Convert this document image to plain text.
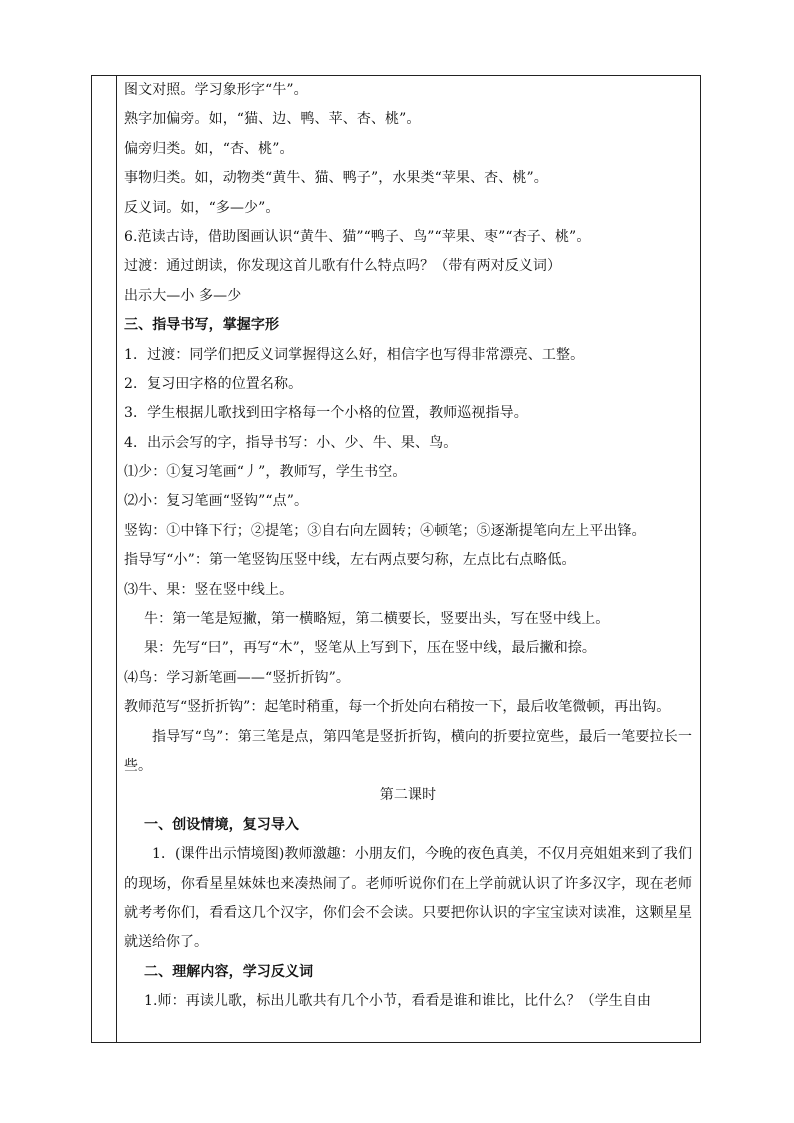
图文对照。学习象形字“牛”。
熟字加偏旁。如，“猫、边、鸭、苹、杏、桃”。
偏旁归类。如，“杏、桃”。
事物归类。如，动物类“黄牛、猫、鸭子”，水果类“苹果、杏、桃”。
反义词。如，“多—少”。
6.范读古诗，借助图画认识“黄牛、猫”“鸭子、鸟”“苹果、枣”“杏子、桃”。
过渡：通过朗读，你发现这首儿歌有什么特点吗？（带有两对反义词）
出示大—小 多—少
三、指导书写，掌握字形
1．过渡：同学们把反义词掌握得这么好，相信字也写得非常漂亮、工整。
2．复习田字格的位置名称。
3．学生根据儿歌找到田字格每一个小格的位置，教师巡视指导。
4．出示会写的字，指导书写：小、少、牛、果、鸟。
⑴少：①复习笔画“丿”，教师写，学生书空。
⑵小：复习笔画“竖钩”“点”。
竖钩：①中锋下行；②提笔；③自右向左圆转；④顿笔；⑤逐渐提笔向左上平出锋。
指导写“小”：第一笔竖钩压竖中线，左右两点要匀称，左点比右点略低。
⑶牛、果：竖在竖中线上。
牛：第一笔是短撇，第一横略短，第二横要长，竖要出头，写在竖中线上。
果：先写“曰”，再写“木”，竖笔从上写到下，压在竖中线，最后撇和捺。
⑷鸟：学习新笔画——“竖折折钩”。
教师范写“竖折折钩”：起笔时稍重，每一个折处向右稍按一下，最后收笔微顿，再出钩。
指导写“鸟”：第三笔是点，第四笔是竖折折钩，横向的折要拉宽些，最后一笔要拉长一些。
第二课时
一、创设情境，复习导入
1．(课件出示情境图)教师激趣：小朋友们，今晚的夜色真美，不仅月亮姐姐来到了我们的现场，你看星星妹妹也来凑热闹了。老师听说你们在上学前就认识了许多汉字，现在老师就考考你们，看看这几个汉字，你们会不会读。只要把你认识的字宝宝读对读准，这颗星星就送给你了。
二、理解内容，学习反义词
1.师：再读儿歌，标出儿歌共有几个小节，看看是谁和谁比，比什么？（学生自由
